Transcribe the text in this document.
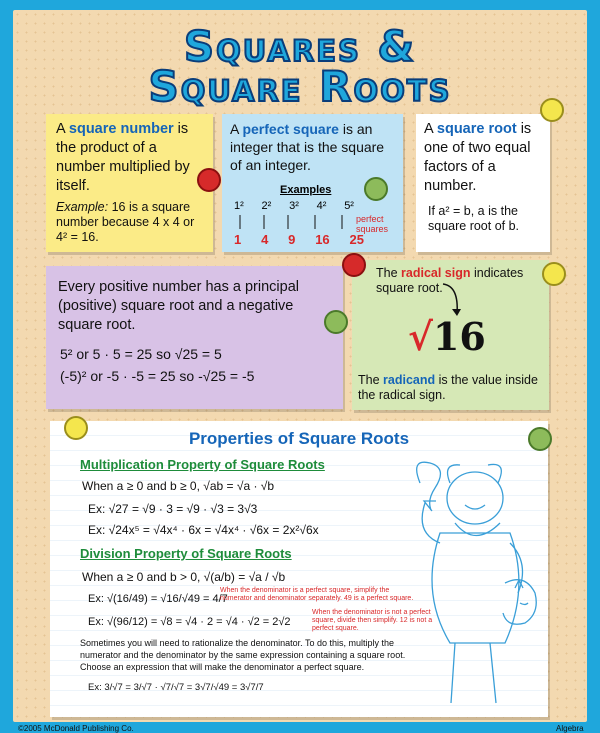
Squares &
Square Roots
A square number is the product of a number multiplied by itself.
Example: 16 is a square number because 4 x 4 or 4² = 16.
A perfect square is an integer that is the square of an integer.
Examples
1² 2² 3² 4² 5²
1 4 9 16 25
perfect squares
A square root is one of two equal factors of a number.
If a² = b, a is the square root of b.
Every positive number has a principal (positive) square root and a negative square root.
5² or 5 · 5 = 25 so √25 = 5
(-5)² or -5 · -5 = 25 so -√25 = -5
The radical sign indicates square root.
√16
The radicand is the value inside the radical sign.
Properties of Square Roots
Multiplication Property of Square Roots
When a ≥ 0 and b ≥ 0, √ab = √a · √b
Ex: √27 = √9 · 3 = √9 · √3 = 3√3
Ex: √24x⁵ = √4x⁴ · 6x = √4x⁴ · √6x = 2x²√6x
Division Property of Square Roots
When a ≥ 0 and b > 0, √(a/b) = √a / √b
Ex: √(16/49) = √16/√49 = 4/7
When the denominator is a perfect square, simplify the numerator and denominator separately. 49 is a perfect square.
Ex: √(96/12) = √8 = √4 · 2 = √4 · √2 = 2√2
When the denominator is not a perfect square, divide then simplify. 12 is not a perfect square.
Sometimes you will need to rationalize the denominator. To do this, multiply the numerator and the denominator by the same expression containing a square root. Choose an expression that will make the denominator a perfect square.
Ex: 3/√7 = 3/√7 · √7/√7 = 3√7/√49 = 3√7/7
©2005 McDonald Publishing Co.	Algebra
